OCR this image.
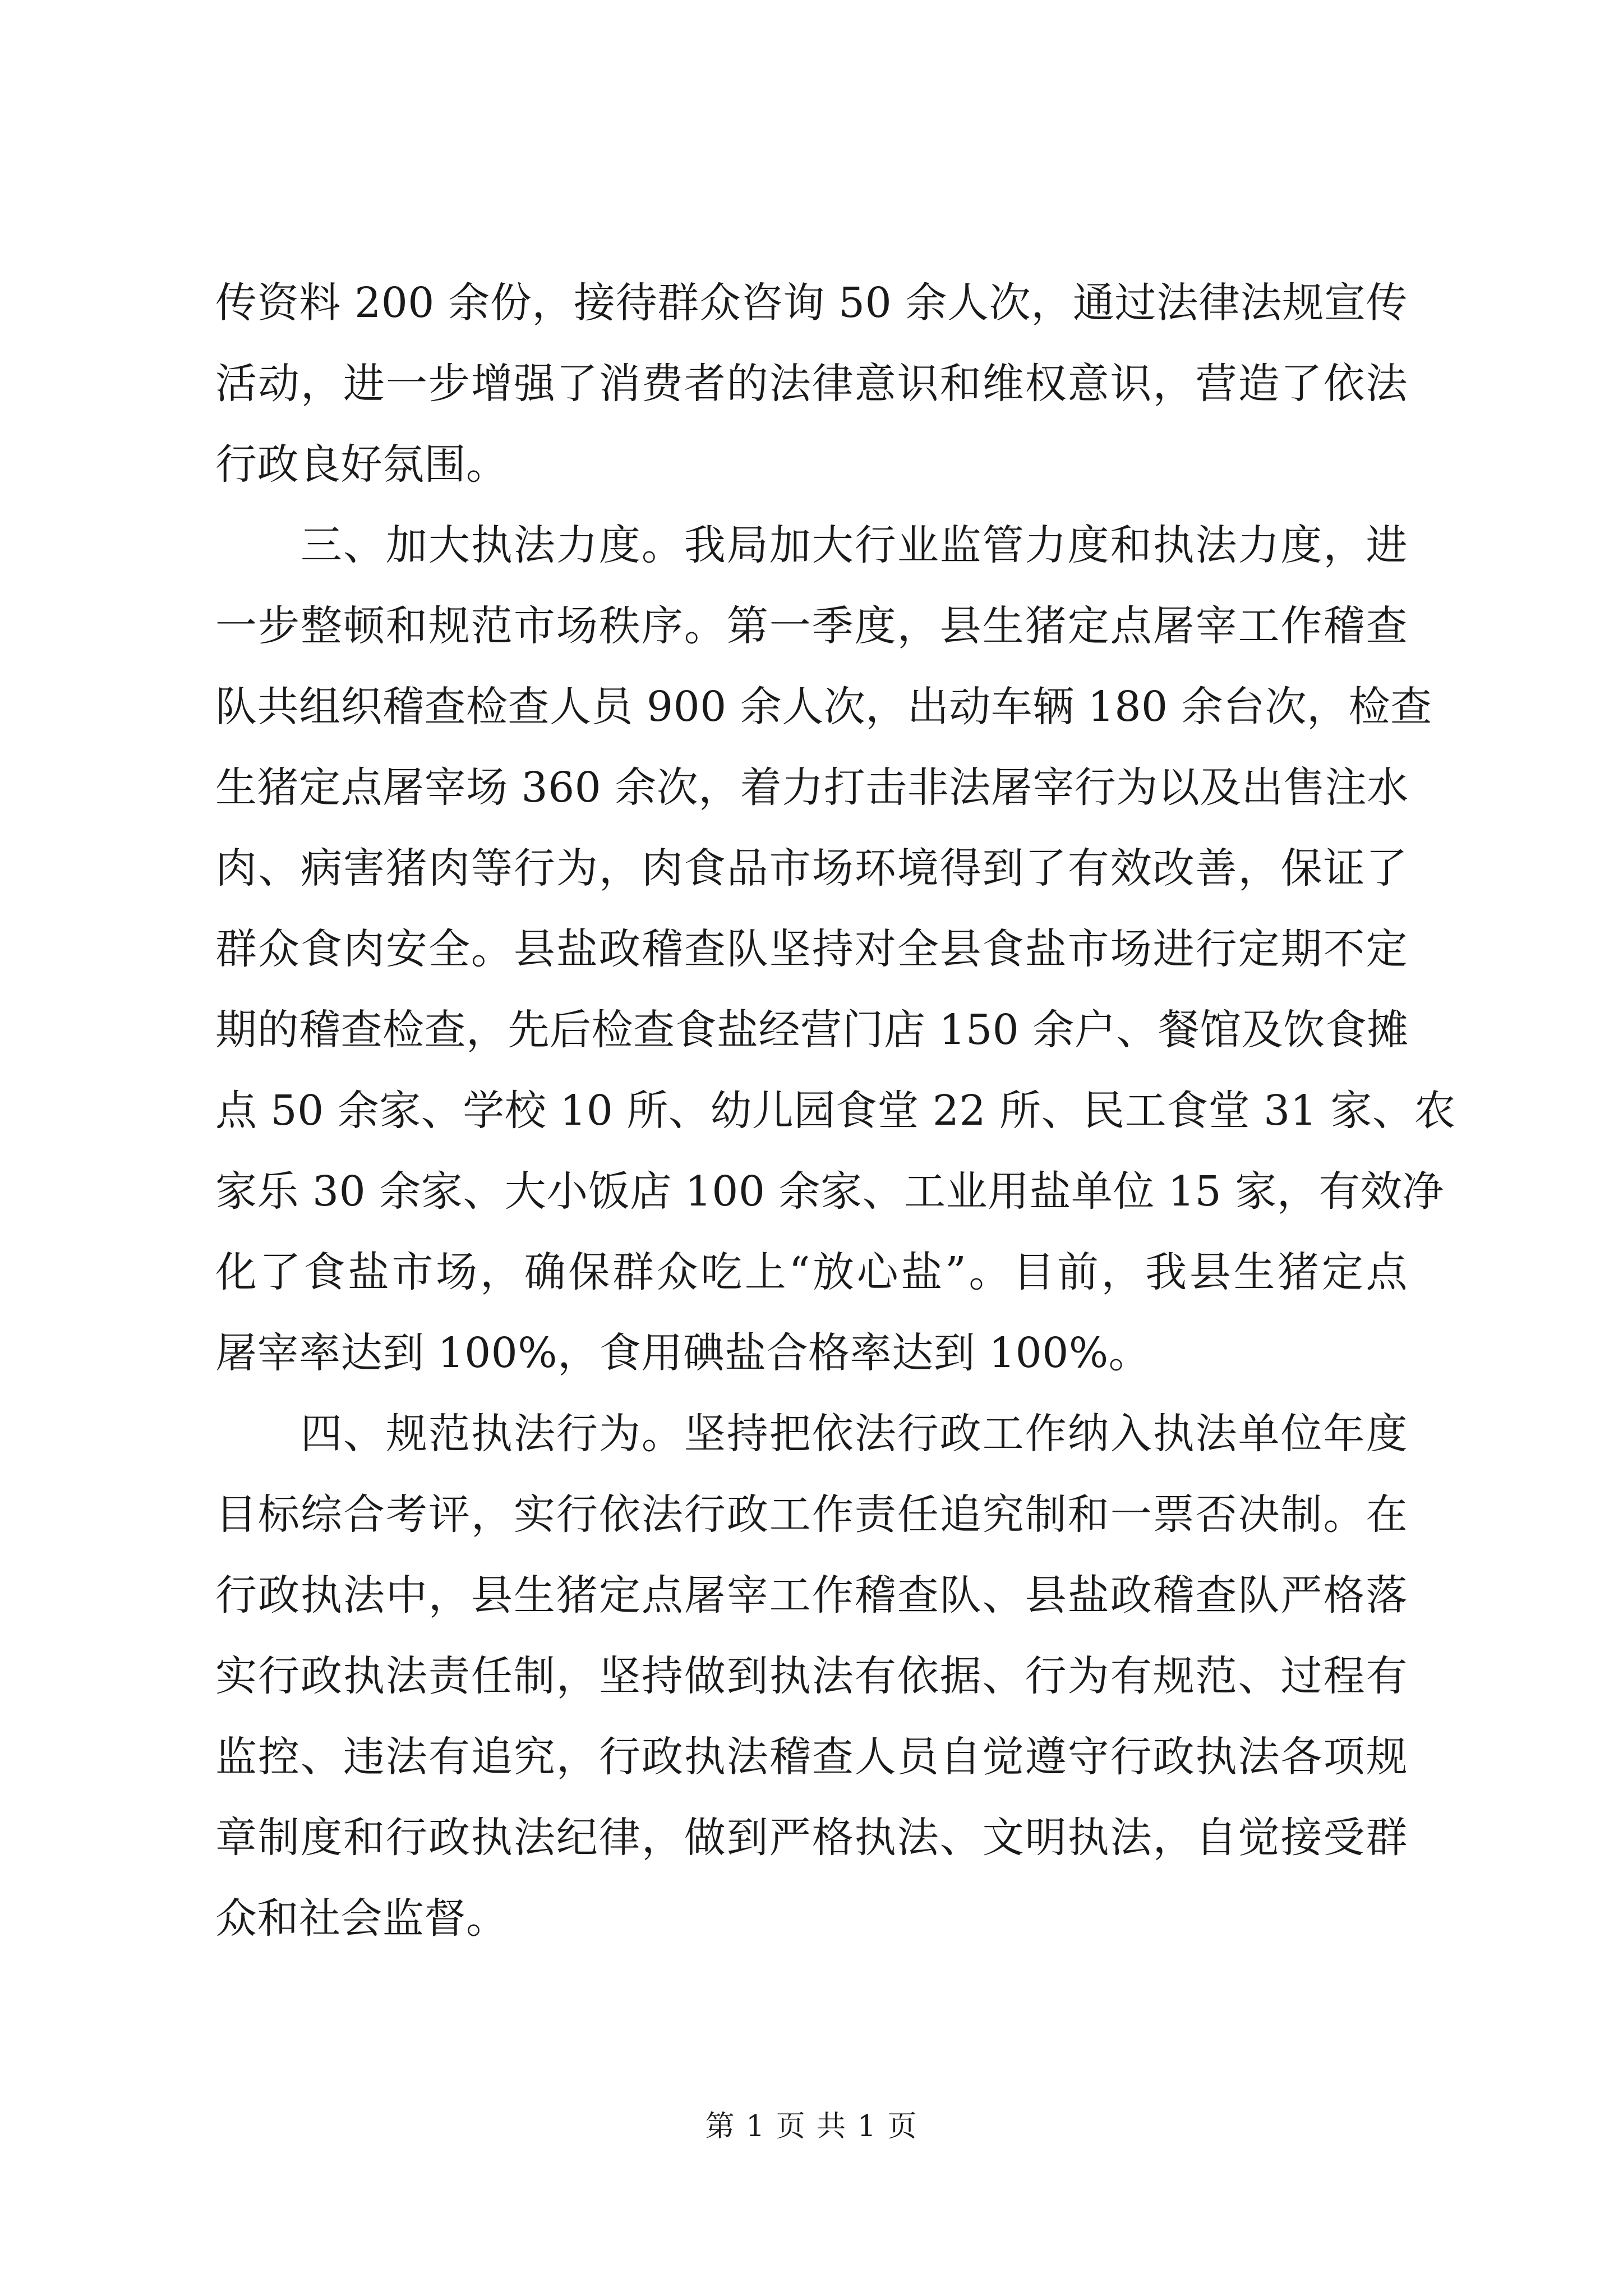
传资料 200 余份，接待群众咨询 50 余人次，通过法律法规宣传
活动，进一步增强了消费者的法律意识和维权意识，营造了依法
行政良好氛围。
　　三、加大执法力度。我局加大行业监管力度和执法力度，进
一步整顿和规范市场秩序。第一季度，县生猪定点屠宰工作稽查
队共组织稽查检查人员 900 余人次，出动车辆 180 余台次，检查
生猪定点屠宰场 360 余次，着力打击非法屠宰行为以及出售注水
肉、病害猪肉等行为，肉食品市场环境得到了有效改善，保证了
群众食肉安全。县盐政稽查队坚持对全县食盐市场进行定期不定
期的稽查检查，先后检查食盐经营门店 150 余户、餐馆及饮食摊
点 50 余家、学校 10 所、幼儿园食堂 22 所、民工食堂 31 家、农
家乐 30 余家、大小饭店 100 余家、工业用盐单位 15 家，有效净
化了食盐市场，确保群众吃上“放心盐”。目前，我县生猪定点
屠宰率达到 100%，食用碘盐合格率达到 100%。
　　四、规范执法行为。坚持把依法行政工作纳入执法单位年度
目标综合考评，实行依法行政工作责任追究制和一票否决制。在
行政执法中，县生猪定点屠宰工作稽查队、县盐政稽查队严格落
实行政执法责任制，坚持做到执法有依据、行为有规范、过程有
监控、违法有追究，行政执法稽查人员自觉遵守行政执法各项规
章制度和行政执法纪律，做到严格执法、文明执法，自觉接受群
众和社会监督。
第 1 页 共 1 页
